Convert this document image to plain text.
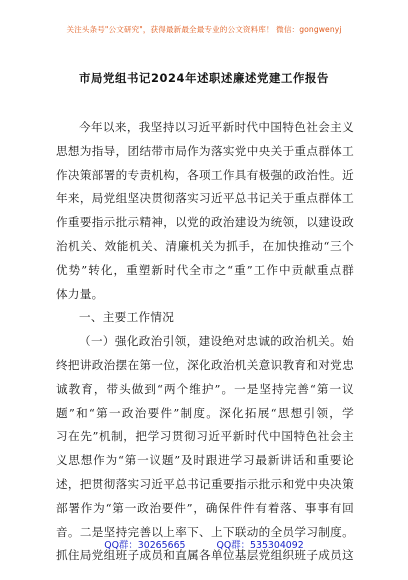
关注头条号"公文研究"，获得最新最全最专业的公文资料库！ 微信：gongwenyj
市局党组书记2024年述职述廉述党建工作报告
今年以来，我坚持以习近平新时代中国特色社会主义
思想为指导，团结带市局作为落实党中央关于重点群体工
作决策部署的专责机构，各项工作具有极强的政治性。近
年来，局党组坚决贯彻落实习近平总书记关于重点群体工
作重要指示批示精神，以党的政治建设为统领，以建设政
治机关、效能机关、清廉机关为抓手，在加快推动“三个
优势”转化，重塑新时代全市之“重”工作中贡献重点群
体力量。
一、主要工作情况
（一）强化政治引领，建设绝对忠诚的政治机关。始
终把讲政治摆在第一位，深化政治机关意识教育和对党忠
诚教育，带头做到“两个维护”。一是坚持完善“第一议
题”和“第一政治要件”制度。深化拓展“思想引领，学
习在先”机制，把学习贯彻习近平新时代中国特色社会主
义思想作为“第一议题”及时跟进学习最新讲话和重要论
述，把贯彻落实习近平总书记重要指示批示和党中央决策
部署作为“第一政治要件”，确保件件有着落、事事有回
音。二是坚持完善以上率下、上下联动的全员学习制度。
抓住局党组班子成员和直属各单位基层党组织班子成员这
QQ群：30265665	QQ群：535304092
